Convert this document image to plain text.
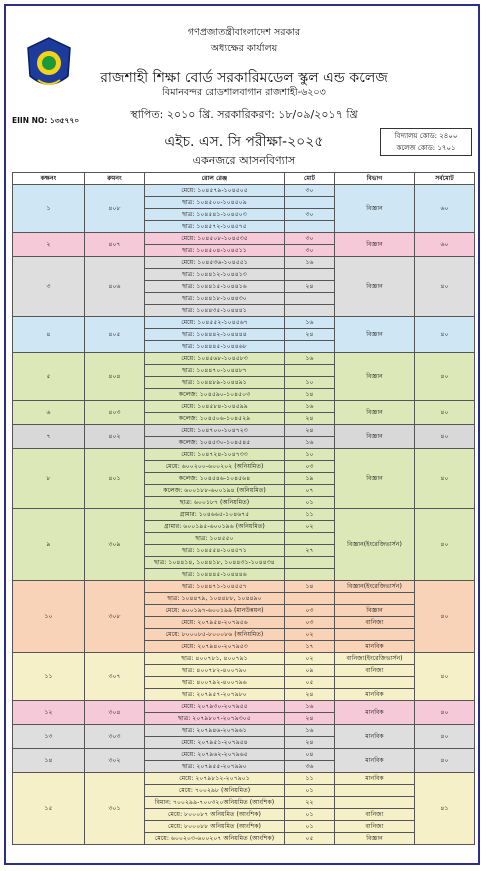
EIIN NO: ১৩৫৭৭০
গণপ্রজাতন্ত্রীবাংলাদেশ সরকার
অধ্যক্ষের কার্যালয়
রাজশাহী শিক্ষা বোর্ড সরকারিমডেল স্কুল এন্ড কলেজ
বিমানবন্দর রোডশালবাগান রাজশাহী-৬২০৩
স্থাপিত: ২০১০ খ্রি. সরকারিকরণ: ১৮/০৯/২০১৭ খ্রি
এইচ. এস. সি পরীক্ষা-২০২৫
একনজরে আসনবিণ্যাস
বিদ্যালয় কোড: ২৪০০
কলেজ কোড: ১৭০১
কক্ষনং	রুমনং	রোল রেঞ্জ	মোট	বিভাগ	সর্বমোট
১	৪০৮	মেয়ে: ১০৪৫৭৯-১০৪৫০৫	৩০	বিজ্ঞান	৬০
		ছাত্র: ১০৪৫০০-১০৪৫০৯			
		ছাত্র: ১০৪৫৪১-১০৪৫০৩	৩০		
		ছাত্র: ১০৪৫৭২-১০৪৫৭৫			
২	৪০৭	মেয়ে: ১০৪৫০৮-১০৪৫৩৫	৩০	বিজ্ঞান	৬০
		ছাত্র: ১০৪৫০৪-১০৪৫১১	৩০		
৩	৪০৬	মেয়ে: ১০৪৫৩৬-১০৪৫৫১	১৬	বিজ্ঞান	৪০
		ছাত্র: ১০৪৪১২-১০৪৪১৩			
		ছাত্র: ১০৪৪১৫-১০৪৪১৬	২৪		
		ছাত্র: ১০৪৪১৮-১০৪৪৩০			
		ছাত্র: ১০৪৪৩৫-১০৪৪৪১			
৪	৪০৫	মেয়ে: ১০৪৫৫২-১০৪৫৬৭	১৬	বিজ্ঞান	৪০
		ছাত্র: ১০৪৪৪২-১০৪৪৪৪	২৪		
		ছাত্র: ১০৪৪৪৫-১০৪৪৬৮			
৫	৪০৪	মেয়ে: ১০৪৫৬৮-১০৪৫৮৩	১৬	বিজ্ঞান	৪০
		ছাত্র: ১০৪৪৭০-১০৪৪৮৭			
		ছাত্র: ১০৪৪৮৯-১০৪৪৯১	১০		
		কলেজ: ১০৪৫৯০-১০৪৫০৩	১৪		
৬	৪০৩	মেয়ে: ১০৪৫৮৪-১০৪৫৯৯	১৬	বিজ্ঞান	৪০
		কলেজ: ১০৪৫০৬-১০৪৫২৯	২৪		
৭	৪০২	মেয়ে: ১০৪৭০০-১০৪৭২৩	২৪	বিজ্ঞান	৪০
		কলেজ: ১০৪৫৩০-১০৪৫৪৫	১৬		
৮	৪০১	মেয়ে: ১০৪৭২৪-১০৪৭৩৩	১০	বিজ্ঞান	৪০
		মেয়ে: ৬০০২০০-৬০০২০২ (অনিয়মিত)	০৩		
		কলেজ: ১০৪৫৪৬-১০৪৫৬৪	১৯		
		কলেজ: ৬০০১৮৮-৬০০১৯৪ (অনিয়মিত)	০৭		
		ছাত্র: ৬০০১৮৭ (অনিয়মিত)	০১		
৯	৩০৯	গ্রামার: ১০৪৬৬৫-১০৪৬৭৫	১১	বিজ্ঞান(ইংরেজিভার্সন)	৪০
		গ্রামার: ৬০০১৯৫-৬০০১৯৬ (অনিয়মিত)	০২		
		ছাত্র: ১০৪৫৫০			
		ছাত্র: ১০৪৫৫৪-১০৪৫৭১	২৭		
		ছাত্র: ১০৪৪১৪, ১০৪৪১৮, ১০৪৪৩১-১০৪৪৩৪			
		ছাত্র: ১০৪৪৪৫-১০৪৪৪৬			
১০	৩০৮	ছাত্র: ১০৪৪৭১-১০৪৫৫৭	১৪	বিজ্ঞান(ইংরেজিভার্সন)	৪০
		ছাত্র: ১০৪৪৭৯, ১০৪৪৮৮, ১০৪৪৯০			
		মেয়ে: ৬০০১৯৭-৬০০১৯৯ (মানউন্নয়ন)	০৩	বিজ্ঞান	
		মেয়ে: ২০৭৯৫৪-২০৭৯৫৬	০৩	বানিজ্য	
		মেয়ে: ৮০০০৮৫-৮০০০৮৬ (অনিয়মিত)	০২		
		মেয়ে: ২০৭৯৪০-২০৭৯৫৩	১৭	মানবিক	
১১	৩০৭	ছাত্র: ৪০০৭৮১, ৪০০৭৯১	০২	বানিজ্য(ইংরেজিভার্সন)	৪০
		ছাত্র: ৪০০৭৮২-৪০০৭৯০	০৯	বানিজ্য	
		ছাত্র: ৪০০৭৯২-৪০০৭৯৬	০৫		
		ছাত্র: ২০৭৯৫৭-২০৭৯৮০	২৪	মানবিক	
১২	৩০৪	মেয়ে: ২০৭৯৩০-২০৭৯৫৫	১৬	মানবিক	৪০
		ছাত্র: ২০৭৯৮০৭-২০৭৯৩০৫	২৪		
১৩	৩০৩	ছাত্র: ২০৭৯৪৬-২০৭৯৬১	১৬	মানবিক	৪০
		মেয়ে: ২০৭৯৫১-২০৭৯৫৪	২৪		
১৪	৩০২	মেয়ে: ২০৭৯৬২-২০৭৯৬৫	০৪	মানবিক	৪০
		ছাত্র: ২০৭৯৫৫-২০৭৯৯০	৩৬		
১৫	৩০১	মেয়ে: ২০৭৯৮১২-২০৭৯০১	১১	মানবিক	৪১
		মেয়ে: ৭০০২৯৮ (অনিয়মিত)	০১		
		বিমান: ৭০০২৯৯-৭০০৩২০অনিয়মিত (আংশিক)	২২		
		মেয়ে: ৮০০০৮৭ অনিয়মিত (আংশিক)	০১	বানিজ্য	
		মেয়ে: ৮০০০৮৮ অনিয়মিত (আংশিক)	০১	বানিজ্য	
		মেয়ে: ৬০০২০৩-৬০০২০৭ অনিয়মিত (আংশিক)	০৫	বিজ্ঞান	
